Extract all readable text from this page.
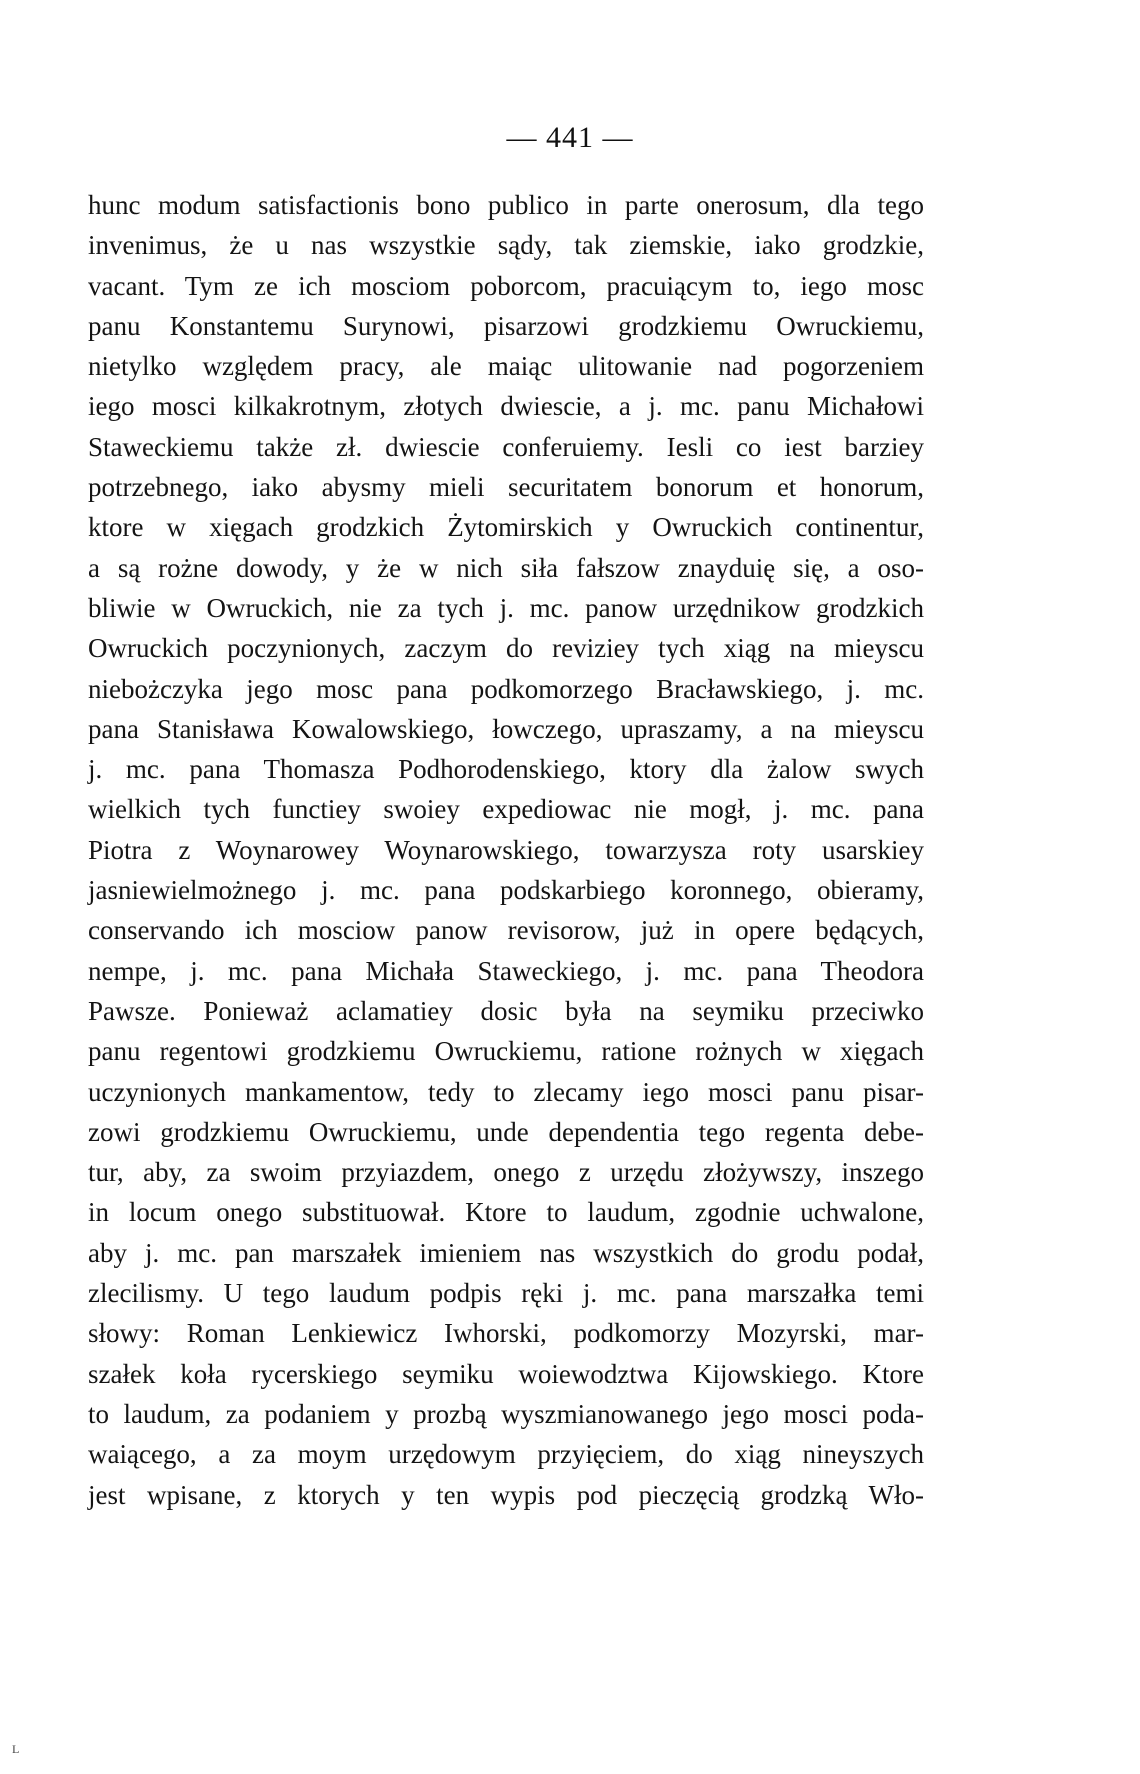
— 441 —
hunc modum satisfactionis bono publico in parte onerosum, dla tego
invenimus, że u nas wszystkie sądy, tak ziemskie, iako grodzkie,
vacant. Tym ze ich mosciom poborcom, pracuiącym to, iego mosc
panu Konstantemu Surynowi, pisarzowi grodzkiemu Owruckiemu,
nietylko względem pracy, ale maiąc ulitowanie nad pogorzeniem
iego mosci kilkakrotnym, złotych dwiescie, a j. mc. panu Michałowi
Staweckiemu także zł. dwiescie conferuiemy. Iesli co iest barziey
potrzebnego, iako abysmy mieli securitatem bonorum et honorum,
ktore w xięgach grodzkich Żytomirskich y Owruckich continentur,
a są rożne dowody, y że w nich siła fałszow znayduię się, a oso-
bliwie w Owruckich, nie za tych j. mc. panow urzędnikow grodzkich
Owruckich poczynionych, zaczym do reviziey tych xiąg na mieyscu
niebożczyka jego mosc pana podkomorzego Bracławskiego, j. mc.
pana Stanisława Kowalowskiego, łowczego, upraszamy, a na mieyscu
j. mc. pana Thomasza Podhorodenskiego, ktory dla żalow swych
wielkich tych functiey swoiey expediowac nie mogł, j. mc. pana
Piotra z Woynarowey Woynarowskiego, towarzysza roty usarskiey
jasniewielmożnego j. mc. pana podskarbiego koronnego, obieramy,
conservando ich mosciow panow revisorow, już in opere będących,
nempe, j. mc. pana Michała Staweckiego, j. mc. pana Theodora
Pawsze. Ponieważ aclamatiey dosic była na seymiku przeciwko
panu regentowi grodzkiemu Owruckiemu, ratione rożnych w xięgach
uczynionych mankamentow, tedy to zlecamy iego mosci panu pisar-
zowi grodzkiemu Owruckiemu, unde dependentia tego regenta debe-
tur, aby, za swoim przyiazdem, onego z urzędu złożywszy, inszego
in locum onego substituował. Ktore to laudum, zgodnie uchwalone,
aby j. mc. pan marszałek imieniem nas wszystkich do grodu podał,
zlecilismy. U tego laudum podpis ręki j. mc. pana marszałka temi
słowy: Roman Lenkiewicz Iwhorski, podkomorzy Mozyrski, mar-
szałek koła rycerskiego seymiku woiewodztwa Kijowskiego. Ktore
to laudum, za podaniem y prozbą wyszmianowanego jego mosci poda-
waiącego, a za moym urzędowym przyięciem, do xiąg nineyszych
jest wpisane, z ktorych y ten wypis pod pieczęcią grodzką Wło-
L
